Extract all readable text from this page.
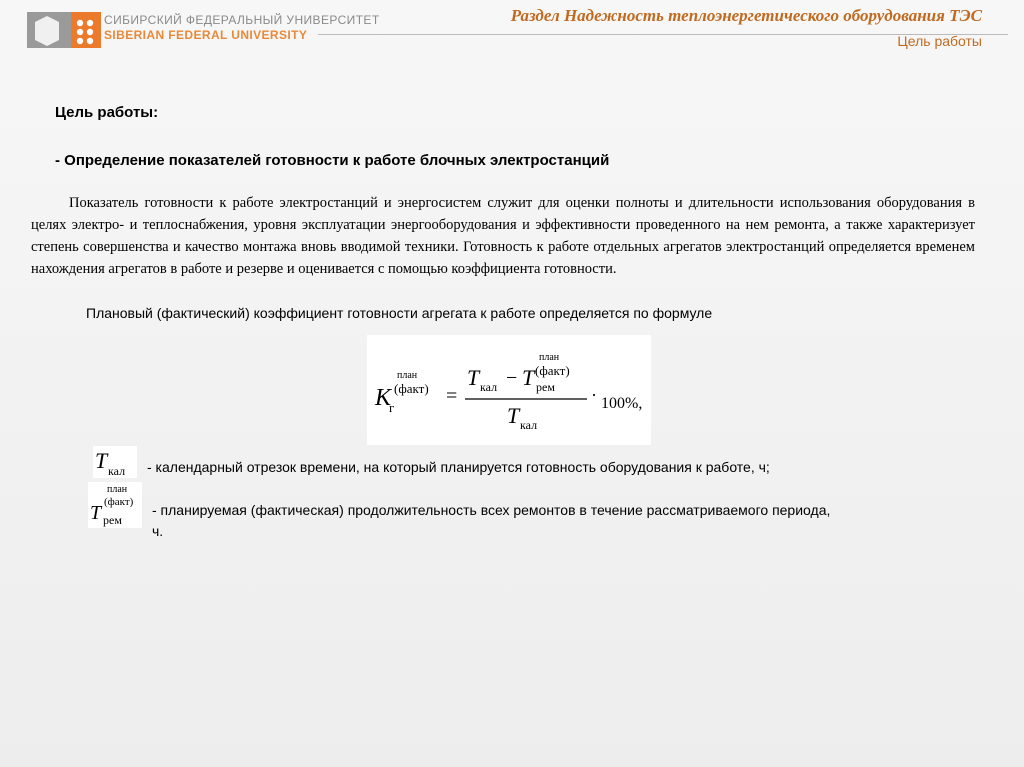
СИБИРСКИЙ ФЕДЕРАЛЬНЫЙ УНИВЕРСИТЕТ
SIBERIAN FEDERAL UNIVERSITY
Раздел Надежность теплоэнергетического оборудования ТЭС
Цель работы
Цель работы:
- Определение показателей готовности к работе блочных электростанций
Показатель готовности к работе электростанций и энергосистем служит для оценки полноты и длительности использования оборудования в целях электро- и теплоснабжения, уровня эксплуатации энергооборудования и эффективности проведенного на нем ремонта, а также характеризует степень совершенства и качество монтажа вновь вводимой техники. Готовность к работе отдельных агрегатов электростанций определяется временем нахождения агрегатов в работе и резерве и оценивается с помощью коэффициента готовности.
Плановый (фактический) коэффициент готовности агрегата к работе определяется по формуле
K
г
план
(факт) =
T кал − T рем
план
(факт)
T кал
· 100%,
T кал - календарный отрезок времени, на который планируется готовность оборудования к работе, ч;
план
(факт)
T рем
- планируемая (фактическая) продолжительность всех ремонтов в течение рассматриваемого периода, ч.
